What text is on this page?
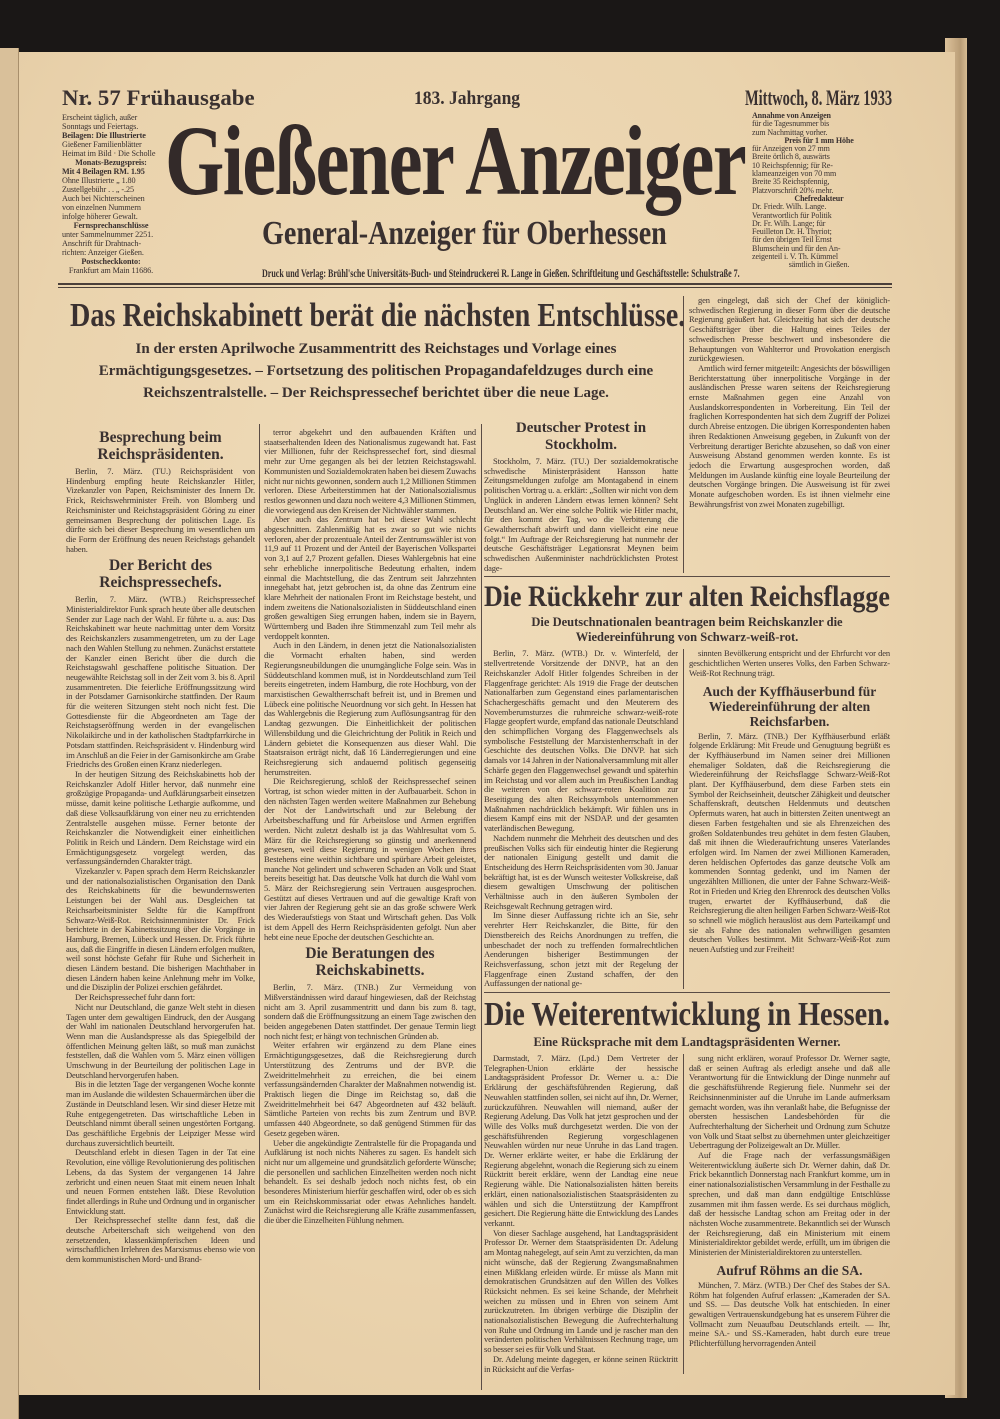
Nr. 57 Frühausgabe	183. Jahrgang	Mittwoch, 8. März 1933
Gießener Anzeiger
General-Anzeiger für Oberhessen
Druck und Verlag: Brühl'sche Universitäts-Buch- und Steindruckerei R. Lange in Gießen. Schriftleitung und Geschäftsstelle: Schulstraße 7.
Erscheint täglich, außer
Sonntags und Feiertags.
Beilagen: Die Illustrierte
Gießener Familienblätter
Heimat im Bild · Die Scholle
Monats-Bezugspreis:
Mit 4 Beilagen RM. 1.95
Ohne Illustrierte „ 1.80
Zustellgebühr . . „ -.25
Auch bei Nichterscheinen
von einzelnen Nummern
infolge höherer Gewalt.
Fernsprechanschlüsse
unter Sammelnummer 2251.
Anschrift für Drahtnach-
richten: Anzeiger Gießen.
Postscheckkonto:
Frankfurt am Main 11686.
Annahme von Anzeigen
für die Tagesnummer bis
zum Nachmittag vorher.
Preis für 1 mm Höhe
für Anzeigen von 27 mm
Breite örtlich 8, auswärts
10 Reichspfennig; für Re-
klameanzeigen von 70 mm
Breite 35 Reichspfennig,
Platzvorschrift 20% mehr.
Chefredakteur
Dr. Friedr. Wilh. Lange.
Verantwortlich für Politik
Dr. Fr. Wilh. Lange; für
Feuilleton Dr. H. Thyriot;
für den übrigen Teil Ernst
Blumschein und für den An-
zeigenteil i. V. Th. Kümmel
sämtlich in Gießen.
Das Reichskabinett berät die nächsten Entschlüsse.
In der ersten Aprilwoche Zusammentritt des Reichstages und Vorlage eines Ermächtigungsgesetzes. – Fortsetzung des politischen Propagandafeldzuges durch eine Reichszentralstelle. – Der Reichspressechef berichtet über die neue Lage.
Besprechung beim Reichspräsidenten.

Berlin, 7. März. (TU.) Reichspräsident von Hindenburg empfing heute Reichskanzler Hitler, Vizekanzler von Papen, Reichsminister des Innern Dr. Frick, Reichswehrminister Freih. von Blomberg und Reichsminister und Reichstagspräsident Göring zu einer gemeinsamen Besprechung der politischen Lage. Es dürfte sich bei dieser Besprechung im wesentlichen um die Form der Eröffnung des neuen Reichstags gehandelt haben.

Der Bericht des Reichspressechefs.

Berlin, 7. März. (WTB.) Reichspressechef Ministerialdirektor Funk sprach heute über alle deutschen Sender zur Lage nach der Wahl. Er führte u. a. aus: Das Reichskabinett war heute nachmittag unter dem Vorsitz des Reichskanzlers zusammengetreten, um zu der Lage nach den Wahlen Stellung zu nehmen. Zunächst erstattete der Kanzler einen Bericht über die durch die Reichstagswahl geschaffene politische Situation. Der neugewählte Reichstag soll in der Zeit vom 3. bis 8. April zusammentreten. Die feierliche Eröffnungssitzung wird in der Potsdamer Garnisonkirche stattfinden. Der Raum für die weiteren Sitzungen steht noch nicht fest. Die Gottesdienste für die Abgeordneten am Tage der Reichstagseröffnung werden in der evangelischen Nikolaikirche und in der katholischen Stadtpfarrkirche in Potsdam stattfinden. Reichspräsident v. Hindenburg wird im Anschluß an die Feier in der Garnisonkirche am Grabe Friedrichs des Großen einen Kranz niederlegen.

In der heutigen Sitzung des Reichskabinetts hob der Reichskanzler Adolf Hitler hervor, daß nunmehr eine großzügige Propaganda- und Aufklärungsarbeit einsetzen müsse, damit keine politische Lethargie aufkomme, und daß diese Volksaufklärung von einer neu zu errichtenden Zentralstelle ausgehen müsse. Ferner betonte der Reichskanzler die Notwendigkeit einer einheitlichen Politik in Reich und Ländern. Dem Reichstage wird ein Ermächtigungsgesetz vorgelegt werden, das verfassungsändernden Charakter trägt.

Vizekanzler v. Papen sprach dem Herrn Reichskanzler und der nationalsozialistischen Organisation den Dank des Reichskabinetts für die bewundernswerten Leistungen bei der Wahl aus. Desgleichen tat Reichsarbeitsminister Seldte für die Kampffront Schwarz-Weiß-Rot. Reichsinnenminister Dr. Frick berichtete in der Kabinettssitzung über die Vorgänge in Hamburg, Bremen, Lübeck und Hessen. Dr. Frick führte aus, daß die Eingriffe in diesen Ländern erfolgen mußten, weil sonst höchste Gefahr für Ruhe und Sicherheit in diesen Ländern bestand. Die bisherigen Machthaber in diesen Ländern haben keine Anlehnung mehr im Volke, und die Disziplin der Polizei erschien gefährdet.

Der Reichspressechef fuhr dann fort:

Nicht nur Deutschland, die ganze Welt steht in diesen Tagen unter dem gewaltigen Eindruck, den der Ausgang der Wahl im nationalen Deutschland hervorgerufen hat. Wenn man die Auslandspresse als das Spiegelbild der öffentlichen Meinung gelten läßt, so muß man zunächst feststellen, daß die Wahlen vom 5. März einen völligen Umschwung in der Beurteilung der politischen Lage in Deutschland hervorgerufen haben.

Bis in die letzten Tage der vergangenen Woche konnte man im Auslande die wildesten Schauermärchen über die Zustände in Deutschland lesen. Wir sind dieser Hetze mit Ruhe entgegengetreten. Das wirtschaftliche Leben in Deutschland nimmt überall seinen ungestörten Fortgang. Das geschäftliche Ergebnis der Leipziger Messe wird durchaus zuversichtlich beurteilt.

Deutschland erlebt in diesen Tagen in der Tat eine Revolution, eine völlige Revolutionierung des politischen Lebens, da das System der vergangenen 14 Jahre zerbricht und einen neuen Staat mit einem neuen Inhalt und neuen Formen entstehen läßt. Diese Revolution findet allerdings in Ruhe und Ordnung und in organischer Entwicklung statt.

Der Reichspressechef stellte dann fest, daß die deutsche Arbeiterschaft sich weitgehend von den zersetzenden, klassenkämpferischen Ideen und wirtschaftlichen Irrlehren des Marxismus ebenso wie von dem kommunistischen Mord- und Brand-

terror abgekehrt und den aufbauenden Kräften und staatserhaltenden Ideen des Nationalismus zugewandt hat. Fast vier Millionen, fuhr der Reichspressechef fort, sind diesmal mehr zur Urne gegangen als bei der letzten Reichstagswahl. Kommunisten und Sozialdemokraten haben bei diesem Zuwachs nicht nur nichts gewonnen, sondern auch 1,2 Millionen Stimmen verloren. Diese Arbeiterstimmen hat der Nationalsozialismus restlos gewonnen und dazu noch weitere 4,3 Millionen Stimmen, die vorwiegend aus den Kreisen der Nichtwähler stammen.

Aber auch das Zentrum hat bei dieser Wahl schlecht abgeschnitten. Zahlenmäßig hat es zwar so gut wie nichts verloren, aber der prozentuale Anteil der Zentrumswähler ist von 11,9 auf 11 Prozent und der Anteil der Bayerischen Volkspartei von 3,1 auf 2,7 Prozent gefallen. Dieses Wahlergebnis hat eine sehr erhebliche innerpolitische Bedeutung erhalten, indem einmal die Machtstellung, die das Zentrum seit Jahrzehnten innegehabt hat, jetzt gebrochen ist, da ohne das Zentrum eine klare Mehrheit der nationalen Front im Reichstage besteht, und indem zweitens die Nationalsozialisten in Süddeutschland einen großen gewaltigen Sieg errungen haben, indem sie in Bayern, Württemberg und Baden ihre Stimmenzahl zum Teil mehr als verdoppelt konnten.

Auch in den Ländern, in denen jetzt die Nationalsozialisten die Vormacht erhalten haben, sind werden Regierungsneubildungen die unumgängliche Folge sein. Was in Süddeutschland kommen muß, ist in Norddeutschland zum Teil bereits eingetreten, indem Hamburg, die rote Hochburg, von der marxistischen Gewaltherrschaft befreit ist, und in Bremen und Lübeck eine politische Neuordnung vor sich geht. In Hessen hat das Wahlergebnis die Regierung zum Auflösungsantrag für den Landtag gezwungen. Die Einheitlichkeit der politischen Willensbildung und die Gleichrichtung der Politik in Reich und Ländern gebietet die Konsequenzen aus dieser Wahl. Die Staatsraison erträgt nicht, daß 16 Länderregierungen und eine Reichsregierung sich andauernd politisch gegenseitig herumstreiten.

Die Reichsregierung, schloß der Reichspressechef seinen Vortrag, ist schon wieder mitten in der Aufbauarbeit. Schon in den nächsten Tagen werden weitere Maßnahmen zur Behebung der Not der Landwirtschaft und zur Belebung der Arbeitsbeschaffung und für Arbeitslose und Armen ergriffen werden. Nicht zuletzt deshalb ist ja das Wahlresultat vom 5. März für die Reichsregierung so günstig und anerkennend gewesen, weil diese Regierung in wenigen Wochen ihres Bestehens eine weithin sichtbare und spürbare Arbeit geleistet, manche Not gelindert und schweren Schaden an Volk und Staat bereits beseitigt hat. Das deutsche Volk hat durch die Wahl vom 5. März der Reichsregierung sein Vertrauen ausgesprochen. Gestützt auf dieses Vertrauen und auf die gewaltige Kraft von vier Jahren der Regierung geht sie an das große schwere Werk des Wiederaufstiegs von Staat und Wirtschaft gehen. Das Volk ist dem Appell des Herrn Reichspräsidenten gefolgt. Nun aber hebt eine neue Epoche der deutschen Geschichte an.

Die Beratungen des Reichskabinetts.

Berlin, 7. März. (TNB.) Zur Vermeidung von Mißverständnissen wird darauf hingewiesen, daß der Reichstag nicht am 3. April zusammentritt und dann bis zum 8. tagt, sondern daß die Eröffnungssitzung an einem Tage zwischen den beiden angegebenen Daten stattfindet. Der genaue Termin liegt noch nicht fest; er hängt von technischen Gründen ab.

Weiter erfahren wir ergänzend zu dem Plane eines Ermächtigungsgesetzes, daß die Reichsregierung durch Unterstützung des Zentrums und der BVP. die Zweidrittelmehrheit zu erreichen, die bei einem verfassungsändernden Charakter der Maßnahmen notwendig ist. Praktisch liegen die Dinge im Reichstag so, daß die Zweidrittelmehrheit bei 647 Abgeordneten auf 432 beläuft. Sämtliche Parteien von rechts bis zum Zentrum und BVP. umfassen 440 Abgeordnete, so daß genügend Stimmen für das Gesetz gegeben wären.

Ueber die angekündigte Zentralstelle für die Propaganda und Aufklärung ist noch nichts Näheres zu sagen. Es handelt sich nicht nur um allgemeine und grundsätzlich geforderte Wünsche; die personellen und sachlichen Einzelheiten werden noch nicht behandelt. Es sei deshalb jedoch noch nichts fest, ob ein besonderes Ministerium hierfür geschaffen wird, oder ob es sich um ein Reichskommissariat oder etwas Aehnliches handelt. Zunächst wird die Reichsregierung alle Kräfte zusammenfassen, die über die Einzelheiten Fühlung nehmen.

Deutscher Protest in Stockholm.

Stockholm, 7. März. (TU.) Der sozialdemokratische schwedische Ministerpräsident Hansson hatte Zeitungsmeldungen zufolge am Montagabend in einem politischen Vortrag u. a. erklärt: „Sollten wir nicht von dem Unglück in anderen Ländern etwas lernen können? Seht Deutschland an. Wer eine solche Politik wie Hitler macht, für den kommt der Tag, wo die Verbitterung die Gewaltherrschaft abwirft und dann vielleicht eine neue folgt.“ Im Auftrage der Reichsregierung hat nunmehr der deutsche Geschäftsträger Legationsrat Meynen beim schwedischen Außenminister nachdrücklichsten Protest dage-

gen eingelegt, daß sich der Chef der königlich-schwedischen Regierung in dieser Form über die deutsche Regierung geäußert hat. Gleichzeitig hat sich der deutsche Geschäftsträger über die Haltung eines Teiles der schwedischen Presse beschwert und insbesondere die Behauptungen von Wahlterror und Provokation energisch zurückgewiesen.

Amtlich wird ferner mitgeteilt: Angesichts der böswilligen Berichterstattung über innerpolitische Vorgänge in der ausländischen Presse waren seitens der Reichsregierung ernste Maßnahmen gegen eine Anzahl von Auslandskorrespondenten in Vorbereitung. Ein Teil der fraglichen Korrespondenten hat sich dem Zugriff der Polizei durch Abreise entzogen. Die übrigen Korrespondenten haben ihren Redaktionen Anweisung gegeben, in Zukunft von der Verbreitung derartiger Berichte abzusehen, so daß von einer Ausweisung Abstand genommen werden konnte. Es ist jedoch die Erwartung ausgesprochen worden, daß Meldungen im Auslande künftig eine loyale Beurteilung der deutschen Vorgänge bringen. Die Ausweisung ist für zwei Monate aufgeschoben worden. Es ist ihnen vielmehr eine Bewährungsfrist von zwei Monaten zugebilligt.

Die Rückkehr zur alten Reichsflagge
Die Deutschnationalen beantragen beim Reichskanzler die Wiedereinführung von Schwarz-weiß-rot.

Berlin, 7. März. (WTB.) Dr. v. Winterfeld, der stellvertretende Vorsitzende der DNVP., hat an den Reichskanzler Adolf Hitler folgendes Schreiben in der Flaggenfrage gerichtet: Als 1919 die Frage der deutschen Nationalfarben zum Gegenstand eines parlamentarischen Schachergeschäfts gemacht und den Meuterern des Novemberumsturzes die ruhmreiche schwarz-weiß-rote Flagge geopfert wurde, empfand das nationale Deutschland den schimpflichen Vorgang des Flaggenwechsels als symbolische Feststellung der Marxistenherrschaft in der Geschichte des deutschen Volks. Die DNVP. hat sich damals vor 14 Jahren in der Nationalversammlung mit aller Schärfe gegen den Flaggenwechsel gewandt und späterhin im Reichstag und vor allem auch im Preußischen Landtag die weiteren von der schwarz-roten Koalition zur Beseitigung des alten Reichssymbols unternommenen Maßnahmen nachdrücklich bekämpft. Wir fühlen uns in diesem Kampf eins mit der NSDAP. und der gesamten vaterländischen Bewegung.

Nachdem nunmehr die Mehrheit des deutschen und des preußischen Volks sich für eindeutig hinter die Regierung der nationalen Einigung gestellt und damit die Entscheidung des Herrn Reichspräsidenten vom 30. Januar bekräftigt hat, ist es der Wunsch weitester Volkskreise, daß diesem gewaltigen Umschwung der politischen Verhältnisse auch in den äußeren Symbolen der Reichsgewalt Rechnung getragen wird.

Im Sinne dieser Auffassung richte ich an Sie, sehr verehrter Herr Reichskanzler, die Bitte, für den Dienstbereich des Reichs Anordnungen zu treffen, die unbeschadet der noch zu treffenden formalrechtlichen Aenderungen bisheriger Bestimmungen der Reichsverfassung, schon jetzt mit der Regelung der Flaggenfrage einen Zustand schaffen, der den Auffassungen der national ge-

sinnten Bevölkerung entspricht und der Ehrfurcht vor den geschichtlichen Werten unseres Volks, den Farben Schwarz-Weiß-Rot Rechnung trägt.

Auch der Kyffhäuserbund für Wiedereinführung der alten Reichsfarben.

Berlin, 7. März. (TNB.) Der Kyffhäuserbund erläßt folgende Erklärung: Mit Freude und Genugtuung begrüßt es der Kyffhäuserbund im Namen seiner drei Millionen ehemaliger Soldaten, daß die Reichsregierung die Wiedereinführung der Reichsflagge Schwarz-Weiß-Rot plant. Der Kyffhäuserbund, dem diese Farben stets ein Symbol der Reichseinheit, deutscher Zähigkeit und deutscher Schaffenskraft, deutschen Heldenmuts und deutschen Opfermuts waren, hat auch in bittersten Zeiten unentwegt an diesen Farben festgehalten und sie als Ehrenzeichen des großen Soldatenbundes treu gehütet in dem festen Glauben, daß mit ihnen die Wiederaufrichtung unseres Vaterlandes erfolgen wird. Im Namen der zwei Millionen Kameraden, deren heldischen Opfertodes das ganze deutsche Volk am kommenden Sonntag gedenkt, und im Namen der ungezählten Millionen, die unter der Fahne Schwarz-Weiß-Rot in Frieden und Krieg den Ehrenrock des deutschen Volks trugen, erwartet der Kyffhäuserbund, daß die Reichsregierung die alten heiligen Farben Schwarz-Weiß-Rot so schnell wie möglich herauslöst aus dem Parteikampf und sie als Fahne des nationalen wehrwilligen gesamten deutschen Volkes bestimmt. Mit Schwarz-Weiß-Rot zum neuen Aufstieg und zur Freiheit!

Die Weiterentwicklung in Hessen.
Eine Rücksprache mit dem Landtagspräsidenten Werner.

Darmstadt, 7. März. (Lpd.) Dem Vertreter der Telegraphen-Union erklärte der hessische Landtagspräsident Professor Dr. Werner u. a.: Die Erklärung der geschäftsführenden Regierung, daß Neuwahlen stattfinden sollen, sei nicht auf ihn, Dr. Werner, zurückzuführen. Neuwahlen will niemand, außer der Regierung Adelung. Das Volk hat jetzt gesprochen und der Wille des Volks muß durchgesetzt werden. Die von der geschäftsführenden Regierung vorgeschlagenen Neuwahlen würden nur neue Unruhe in das Land tragen. Dr. Werner erklärte weiter, er habe die Erklärung der Regierung abgelehnt, wonach die Regierung sich zu einem Rücktritt bereit erkläre, wenn der Landtag eine neue Regierung wähle. Die Nationalsozialisten hätten bereits erklärt, einen nationalsozialistischen Staatspräsidenten zu wählen und sich die Unterstützung der Kampffront gesichert. Die Regierung hätte die Entwicklung des Landes verkannt.

Von dieser Sachlage ausgehend, hat Landtagspräsident Professor Dr. Werner dem Staatspräsidenten Dr. Adelung am Montag nahegelegt, auf sein Amt zu verzichten, da man nicht wünsche, daß der Regierung Zwangsmaßnahmen einen Mißklang erleiden würde. Er müsse als Mann mit demokratischen Grundsätzen auf den Willen des Volkes Rücksicht nehmen. Es sei keine Schande, der Mehrheit weichen zu müssen und in Ehren von seinem Amt zurückzutreten. Im übrigen verbürge die Disziplin der nationalsozialistischen Bewegung die Aufrechterhaltung von Ruhe und Ordnung im Lande und je rascher man den veränderten politischen Verhältnissen Rechnung trage, um so besser sei es für Volk und Staat.

Dr. Adelung meinte dagegen, er könne seinen Rücktritt in Rücksicht auf die Verfas-

sung nicht erklären, worauf Professor Dr. Werner sagte, daß er seinen Auftrag als erledigt ansehe und daß alle Verantwortung für die Entwicklung der Dinge nunmehr auf die geschäftsführende Regierung fiele. Nunmehr sei der Reichsinnenminister auf die Unruhe im Lande aufmerksam gemacht worden, was ihn veranlaßt habe, die Befugnisse der obersten hessischen Landesbehörden für die Aufrechterhaltung der Sicherheit und Ordnung zum Schutze von Volk und Staat selbst zu übernehmen unter gleichzeitiger Uebertragung der Polizeigewalt an Dr. Müller.

Auf die Frage nach der verfassungsmäßigen Weiterentwicklung äußerte sich Dr. Werner dahin, daß Dr. Frick bekanntlich Donnerstag nach Frankfurt komme, um in einer nationalsozialistischen Versammlung in der Festhalle zu sprechen, und daß man dann endgültige Entschlüsse zusammen mit ihm fassen werde. Es sei durchaus möglich, daß der hessische Landtag schon am Freitag oder in der nächsten Woche zusammentrete. Bekanntlich sei der Wunsch der Reichsregierung, daß ein Ministerium mit einem Ministerialdirektor gebildet werde, erfüllt, um im übrigen die Ministerien der Ministerialdirektoren zu unterstellen.

Aufruf Röhms an die SA.

München, 7. März. (WTB.) Der Chef des Stabes der SA. Röhm hat folgenden Aufruf erlassen: „Kameraden der SA. und SS. — Das deutsche Volk hat entschieden. In einer gewaltigen Vertrauenskundgebung hat es unserem Führer die Vollmacht zum Neuaufbau Deutschlands erteilt. — Ihr, meine SA.- und SS.-Kameraden, habt durch eure treue Pflichterfüllung hervorragenden Anteil
